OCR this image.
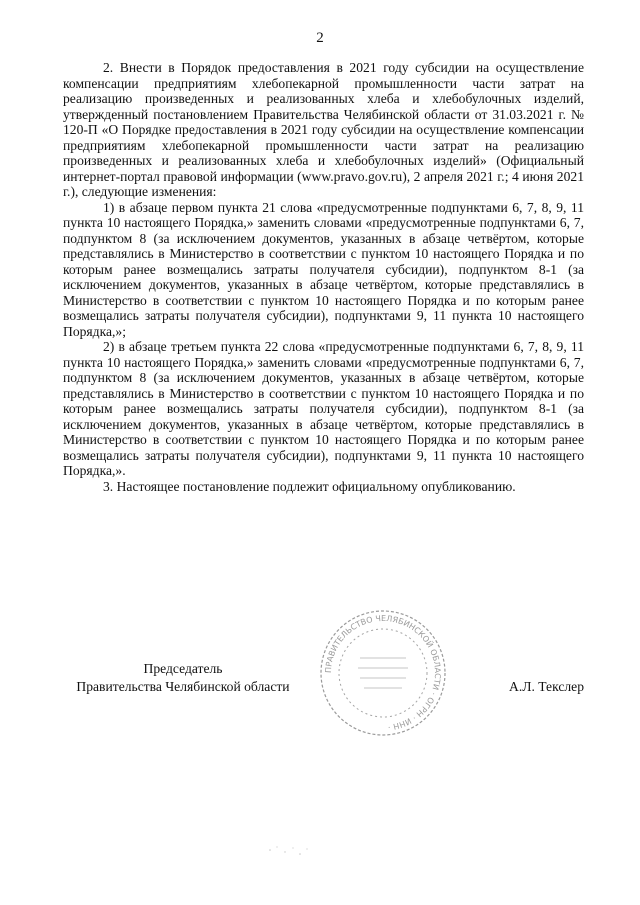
2

2. Внести в Порядок предоставления в 2021 году субсидии на осуществление компенсации предприятиям хлебопекарной промышленности части затрат на реализацию произведенных и реализованных хлеба и хлебобулочных изделий, утвержденный постановлением Правительства Челябинской области от 31.03.2021 г. № 120-П «О Порядке предоставления в 2021 году субсидии на осуществление компенсации предприятиям хлебопекарной промышленности части затрат на реализацию произведенных и реализованных хлеба и хлебобулочных изделий» (Официальный интернет-портал правовой информации (www.pravo.gov.ru), 2 апреля 2021 г.; 4 июня 2021 г.), следующие изменения:

1) в абзаце первом пункта 21 слова «предусмотренные подпунктами 6, 7, 8, 9, 11 пункта 10 настоящего Порядка,» заменить словами «предусмотренные подпунктами 6, 7, подпунктом 8 (за исключением документов, указанных в абзаце четвёртом, которые представлялись в Министерство в соответствии с пунктом 10 настоящего Порядка и по которым ранее возмещались затраты получателя субсидии), подпунктом 8-1 (за исключением документов, указанных в абзаце четвёртом, которые представлялись в Министерство в соответствии с пунктом 10 настоящего Порядка и по которым ранее возмещались затраты получателя субсидии), подпунктами 9, 11 пункта 10 настоящего Порядка,»;

2) в абзаце третьем пункта 22 слова «предусмотренные подпунктами 6, 7, 8, 9, 11 пункта 10 настоящего Порядка,» заменить словами «предусмотренные подпунктами 6, 7, подпунктом 8 (за исключением документов, указанных в абзаце четвёртом, которые представлялись в Министерство в соответствии с пунктом 10 настоящего Порядка и по которым ранее возмещались затраты получателя субсидии), подпунктом 8-1 (за исключением документов, указанных в абзаце четвёртом, которые представлялись в Министерство в соответствии с пунктом 10 настоящего Порядка и по которым ранее возмещались затраты получателя субсидии), подпунктами 9, 11 пункта 10 настоящего Порядка,».

3. Настоящее постановление подлежит официальному опубликованию.

ПРАВИТЕЛЬСТВО ЧЕЛЯБИНСКОЙ ОБЛАСТИ · ОГРН · ИНН ·
Председатель
Правительства Челябинской области	А.Л. Текслер
